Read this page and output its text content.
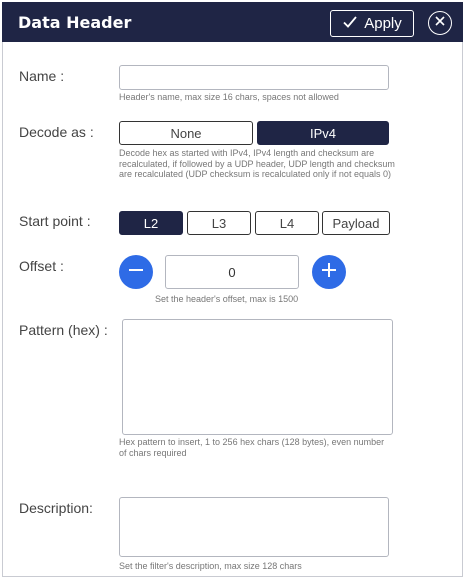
Data Header	Apply
Name :
Header's name, max size 16 chars, spaces not allowed
Decode as :	None	IPv4
Decode hex as started with IPv4, IPv4 length and checksum are recalculated, if followed by a UDP header, UDP length and checksum are recalculated (UDP checksum is recalculated only if not equals 0)
Start point :	L2	L3	L4	Payload
Offset :
0
Set the header's offset, max is 1500
Pattern (hex) :
Hex pattern to insert, 1 to 256 hex chars (128 bytes), even number of chars required
Description:
Set the filter's description, max size 128 chars
